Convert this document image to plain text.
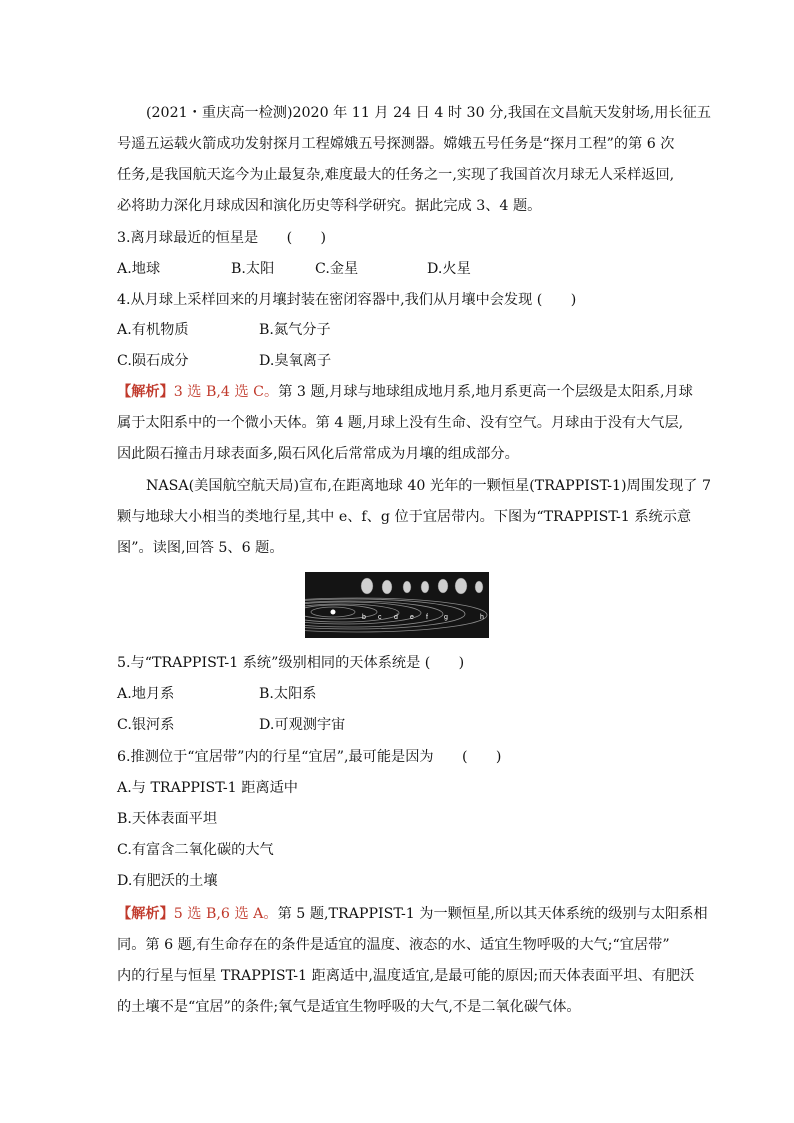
(2021・重庆高一检测)2020 年 11 月 24 日 4 时 30 分,我国在文昌航天发射场,用长征五
号遥五运载火箭成功发射探月工程嫦娥五号探测器。嫦娥五号任务是“探月工程”的第 6 次
任务,是我国航天迄今为止最复杂,难度最大的任务之一,实现了我国首次月球无人采样返回,
必将助力深化月球成因和演化历史等科学研究。据此完成 3、4 题。
3.离月球最近的恒星是　　(　　)
A.地球	B.太阳	C.金星	D.火星
4.从月球上采样回来的月壤封装在密闭容器中,我们从月壤中会发现 (　　)
A.有机物质	B.氮气分子
C.陨石成分	D.臭氧离子
【解析】3 选 B,4 选 C。第 3 题,月球与地球组成地月系,地月系更高一个层级是太阳系,月球
属于太阳系中的一个微小天体。第 4 题,月球上没有生命、没有空气。月球由于没有大气层,
因此陨石撞击月球表面多,陨石风化后常常成为月壤的组成部分。
NASA(美国航空航天局)宣布,在距离地球 40 光年的一颗恒星(TRAPPIST-1)周围发现了 7
颗与地球大小相当的类地行星,其中 e、f、g 位于宜居带内。下图为“TRAPPIST-1 系统示意
图”。读图,回答 5、6 题。
b c d e f g	h
5.与“TRAPPIST-1 系统”级别相同的天体系统是 (　　)
A.地月系	B.太阳系
C.银河系	D.可观测宇宙
6.推测位于“宜居带”内的行星“宜居”,最可能是因为　　(　　)
A.与 TRAPPIST-1 距离适中
B.天体表面平坦
C.有富含二氧化碳的大气
D.有肥沃的土壤
【解析】5 选 B,6 选 A。第 5 题,TRAPPIST-1 为一颗恒星,所以其天体系统的级别与太阳系相
同。第 6 题,有生命存在的条件是适宜的温度、液态的水、适宜生物呼吸的大气;“宜居带”
内的行星与恒星 TRAPPIST-1 距离适中,温度适宜,是最可能的原因;而天体表面平坦、有肥沃
的土壤不是“宜居”的条件;氧气是适宜生物呼吸的大气,不是二氧化碳气体。
